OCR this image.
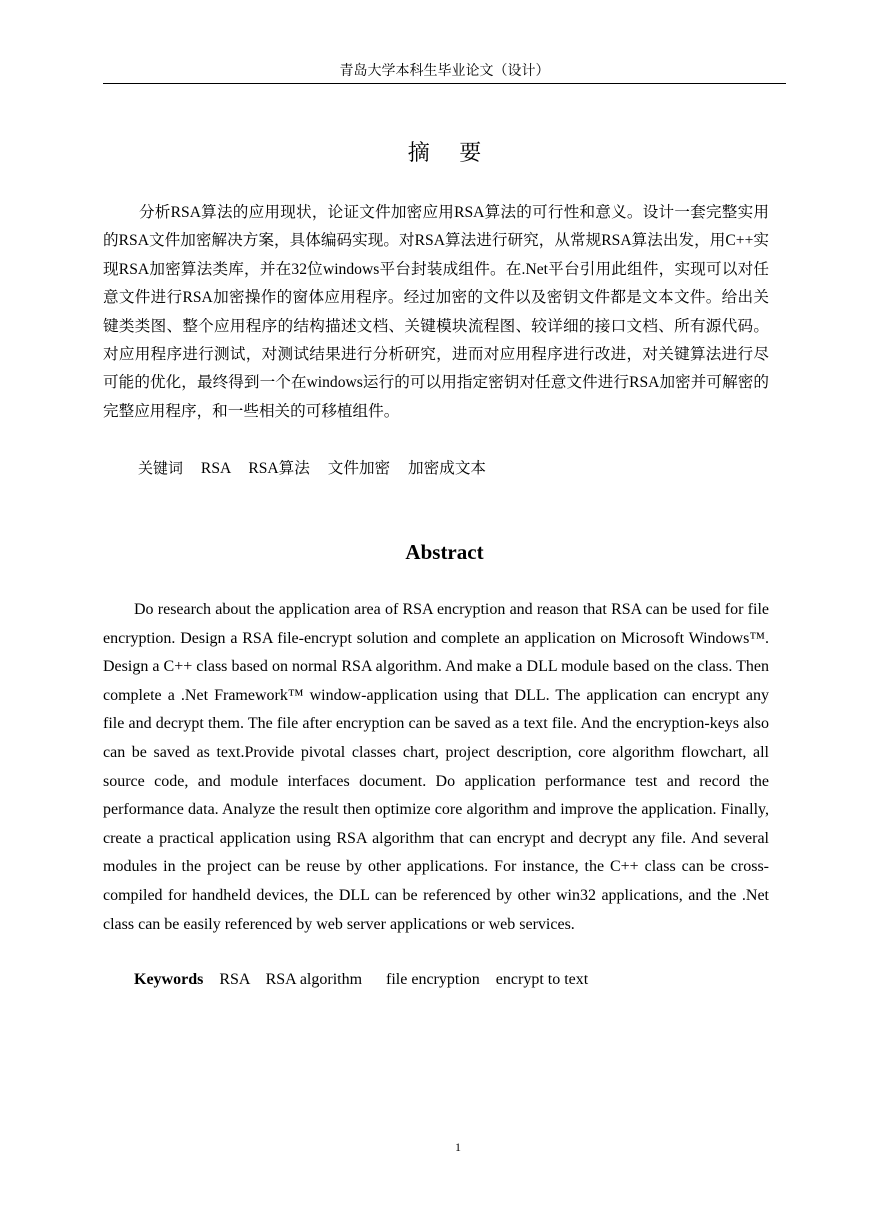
青岛大学本科生毕业论文（设计）
摘 要

分析RSA算法的应用现状，论证文件加密应用RSA算法的可行性和意义。设计一套完整实用的RSA文件加密解决方案，具体编码实现。对RSA算法进行研究，从常规RSA算法出发，用C++实现RSA加密算法类库，并在32位windows平台封装成组件。在.Net平台引用此组件，实现可以对任意文件进行RSA加密操作的窗体应用程序。经过加密的文件以及密钥文件都是文本文件。给出关键类类图、整个应用程序的结构描述文档、关键模块流程图、较详细的接口文档、所有源代码。对应用程序进行测试，对测试结果进行分析研究，进而对应用程序进行改进，对关键算法进行尽可能的优化，最终得到一个在windows运行的可以用指定密钥对任意文件进行RSA加密并可解密的完整应用程序，和一些相关的可移植组件。

关键词 RSA RSA算法 文件加密 加密成文本

Abstract

Do research about the application area of RSA encryption and reason that RSA can be used for file encryption. Design a RSA file-encrypt solution and complete an application on Microsoft Windows™. Design a C++ class based on normal RSA algorithm. And make a DLL module based on the class. Then complete a .Net Framework™ window-application using that DLL. The application can encrypt any file and decrypt them. The file after encryption can be saved as a text file. And the encryption-keys also can be saved as text.Provide pivotal classes chart, project description, core algorithm flowchart, all source code, and module interfaces document. Do application performance test and record the performance data. Analyze the result then optimize core algorithm and improve the application. Finally, create a practical application using RSA algorithm that can encrypt and decrypt any file. And several modules in the project can be reuse by other applications. For instance, the C++ class can be cross-compiled for handheld devices, the DLL can be referenced by other win32 applications, and the .Net class can be easily referenced by web server applications or web services.

Keywords RSA RSA algorithm file encryption encrypt to text

1
